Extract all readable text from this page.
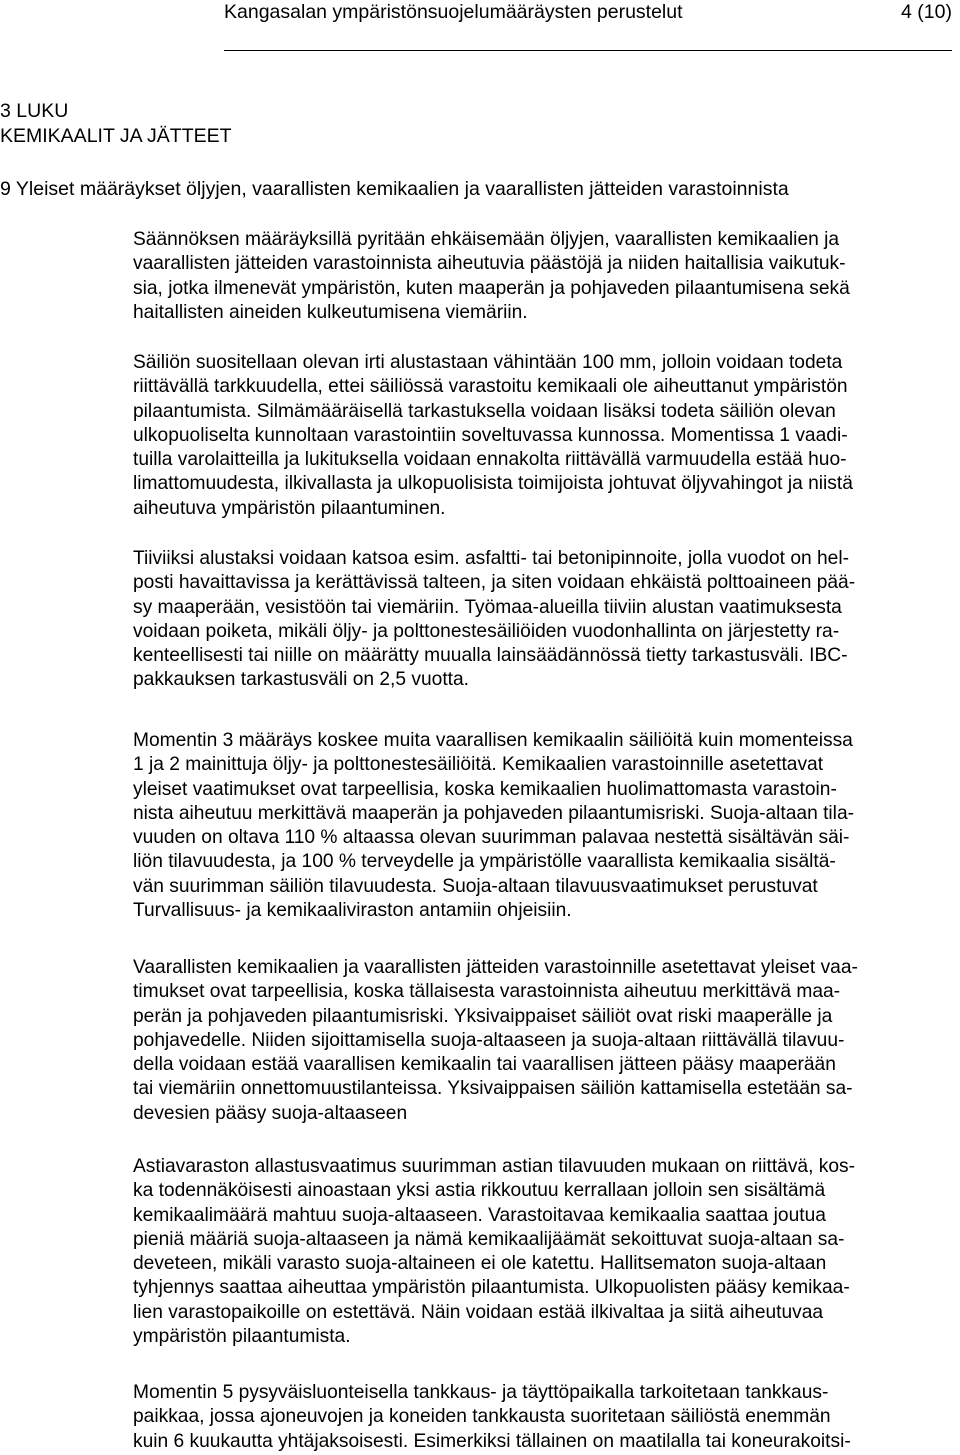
Kangasalan ympäristönsuojelumääräysten perustelut	4 (10)
3 LUKU
KEMIKAALIT JA JÄTTEET
9 Yleiset määräykset öljyjen, vaarallisten kemikaalien ja vaarallisten jätteiden varastoinnista
Säännöksen määräyksillä pyritään ehkäisemään öljyjen, vaarallisten kemikaalien ja
vaarallisten jätteiden varastoinnista aiheutuvia päästöjä ja niiden haitallisia vaikutuk-
sia, jotka ilmenevät ympäristön, kuten maaperän ja pohjaveden pilaantumisena sekä
haitallisten aineiden kulkeutumisena viemäriin.
Säiliön suositellaan olevan irti alustastaan vähintään 100 mm, jolloin voidaan todeta
riittävällä tarkkuudella, ettei säiliössä varastoitu kemikaali ole aiheuttanut ympäristön
pilaantumista. Silmämääräisellä tarkastuksella voidaan lisäksi todeta säiliön olevan
ulkopuoliselta kunnoltaan varastointiin soveltuvassa kunnossa. Momentissa 1 vaadi-
tuilla varolaitteilla ja lukituksella voidaan ennakolta riittävällä varmuudella estää huo-
limattomuudesta, ilkivallasta ja ulkopuolisista toimijoista johtuvat öljyvahingot ja niistä
aiheutuva ympäristön pilaantuminen.
Tiiviiksi alustaksi voidaan katsoa esim. asfaltti- tai betonipinnoite, jolla vuodot on hel-
posti havaittavissa ja kerättävissä talteen, ja siten voidaan ehkäistä polttoaineen pää-
sy maaperään, vesistöön tai viemäriin. Työmaa-alueilla tiiviin alustan vaatimuksesta
voidaan poiketa, mikäli öljy- ja polttonestesäiliöiden vuodonhallinta on järjestetty ra-
kenteellisesti tai niille on määrätty muualla lainsäädännössä tietty tarkastusväli. IBC-
pakkauksen tarkastusväli on 2,5 vuotta.
Momentin 3 määräys koskee muita vaarallisen kemikaalin säiliöitä kuin momenteissa
1 ja 2 mainittuja öljy- ja polttonestesäiliöitä. Kemikaalien varastoinnille asetettavat
yleiset vaatimukset ovat tarpeellisia, koska kemikaalien huolimattomasta varastoin-
nista aiheutuu merkittävä maaperän ja pohjaveden pilaantumisriski. Suoja-altaan tila-
vuuden on oltava 110 % altaassa olevan suurimman palavaa nestettä sisältävän säi-
liön tilavuudesta, ja 100 % terveydelle ja ympäristölle vaarallista kemikaalia sisältä-
vän suurimman säiliön tilavuudesta. Suoja-altaan tilavuusvaatimukset perustuvat
Turvallisuus- ja kemikaaliviraston antamiin ohjeisiin.
Vaarallisten kemikaalien ja vaarallisten jätteiden varastoinnille asetettavat yleiset vaa-
timukset ovat tarpeellisia, koska tällaisesta varastoinnista aiheutuu merkittävä maa-
perän ja pohjaveden pilaantumisriski. Yksivaippaiset säiliöt ovat riski maaperälle ja
pohjavedelle. Niiden sijoittamisella suoja-altaaseen ja suoja-altaan riittävällä tilavuu-
della voidaan estää vaarallisen kemikaalin tai vaarallisen jätteen pääsy maaperään
tai viemäriin onnettomuustilanteissa. Yksivaippaisen säiliön kattamisella estetään sa-
devesien pääsy suoja-altaaseen
Astiavaraston allastusvaatimus suurimman astian tilavuuden mukaan on riittävä, kos-
ka todennäköisesti ainoastaan yksi astia rikkoutuu kerrallaan jolloin sen sisältämä
kemikaalimäärä mahtuu suoja-altaaseen. Varastoitavaa kemikaalia saattaa joutua
pieniä määriä suoja-altaaseen ja nämä kemikaalijäämät sekoittuvat suoja-altaan sa-
deveteen, mikäli varasto suoja-altaineen ei ole katettu. Hallitsematon suoja-altaan
tyhjennys saattaa aiheuttaa ympäristön pilaantumista. Ulkopuolisten pääsy kemikaa-
lien varastopaikoille on estettävä. Näin voidaan estää ilkivaltaa ja siitä aiheutuvaa
ympäristön pilaantumista.
Momentin 5 pysyväisluonteisella tankkaus- ja täyttöpaikalla tarkoitetaan tankkaus-
paikkaa, jossa ajoneuvojen ja koneiden tankkausta suoritetaan säiliöstä enemmän
kuin 6 kuukautta yhtäjaksoisesti. Esimerkiksi tällainen on maatilalla tai koneurakoitsi-
